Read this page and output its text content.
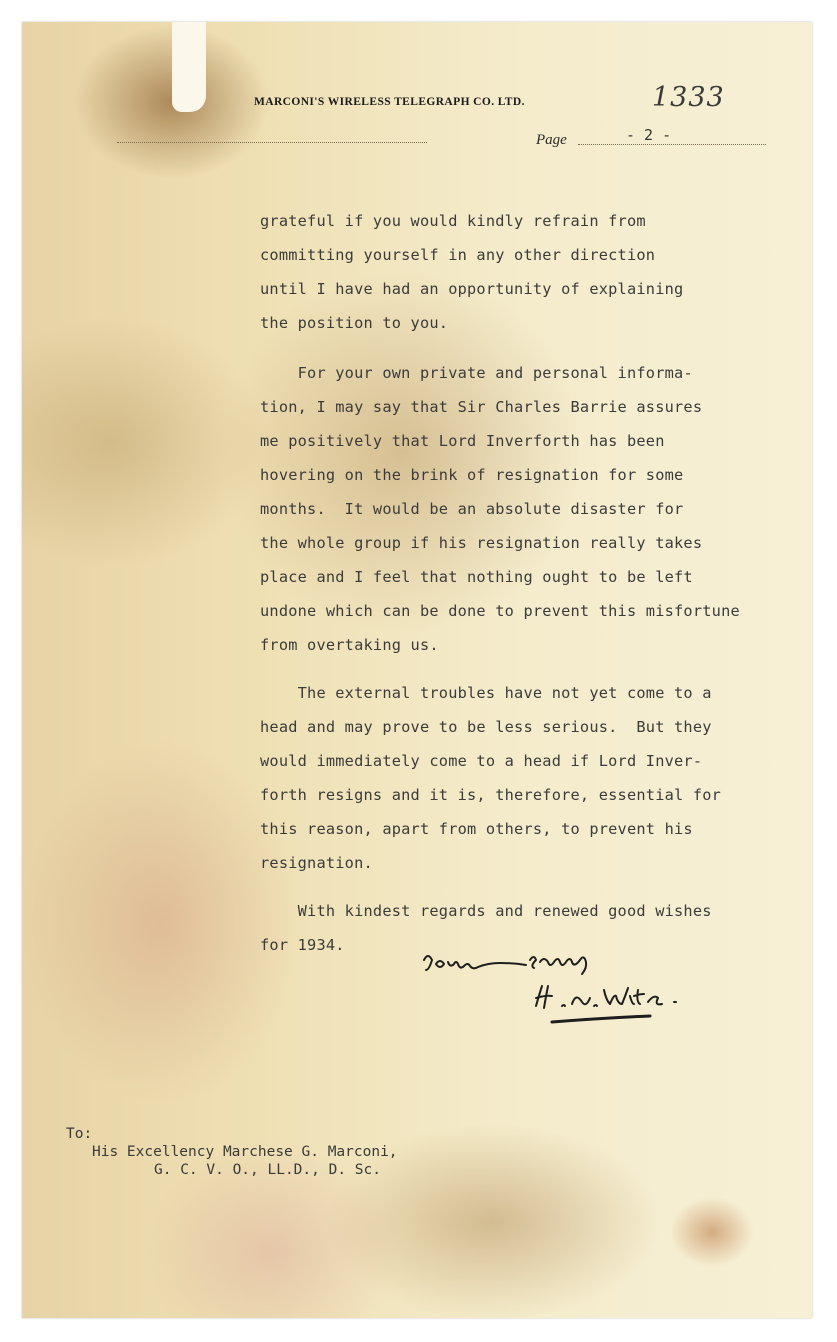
MARCONI'S WIRELESS TELEGRAPH CO. LTD.	1333
Page	- 2 -
grateful if you would kindly refrain from
committing yourself in any other direction
until I have had an opportunity of explaining
the position to you.
For your own private and personal informa-
tion, I may say that Sir Charles Barrie assures
me positively that Lord Inverforth has been
hovering on the brink of resignation for some
months.  It would be an absolute disaster for
the whole group if his resignation really takes
place and I feel that nothing ought to be left
undone which can be done to prevent this misfortune
from overtaking us.
The external troubles have not yet come to a
head and may prove to be less serious.  But they
would immediately come to a head if Lord Inver-
forth resigns and it is, therefore, essential for
this reason, apart from others, to prevent his
resignation.
With kindest regards and renewed good wishes
for 1934.
To:
His Excellency Marchese G. Marconi,
G. C. V. O., LL.D., D. Sc.
